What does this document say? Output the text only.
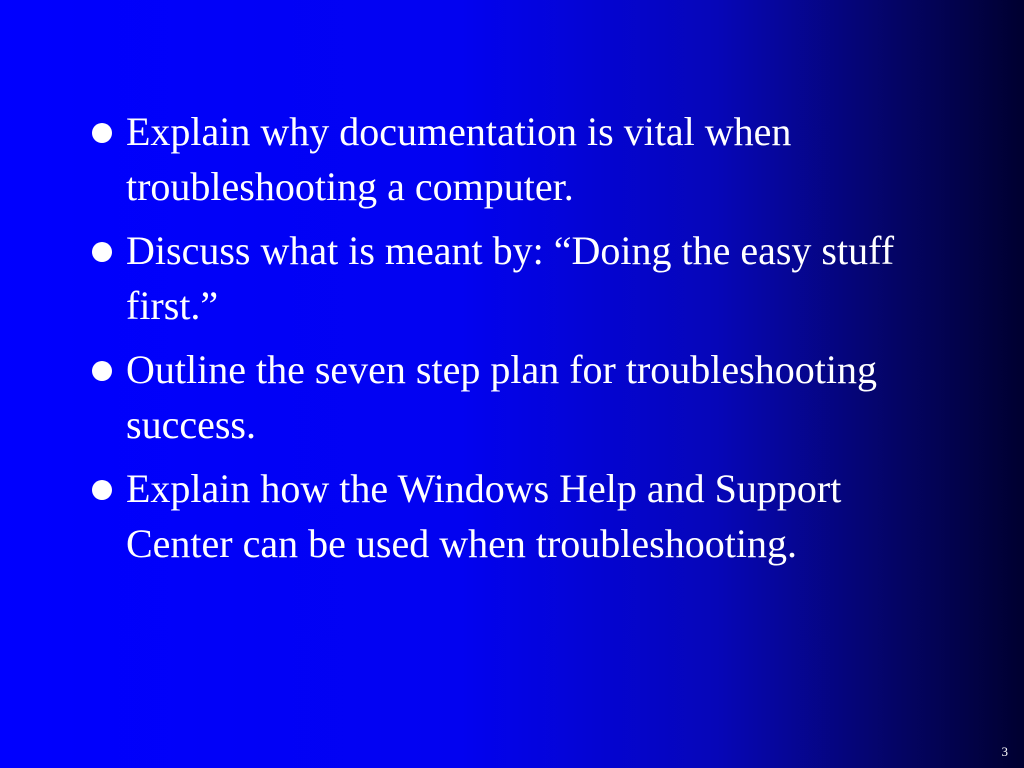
Explain why documentation is vital when troubleshooting a computer.
Discuss what is meant by: “Doing the easy stuff first.”
Outline the seven step plan for troubleshooting success.
Explain how the Windows Help and Support Center can be used when troubleshooting.
3
